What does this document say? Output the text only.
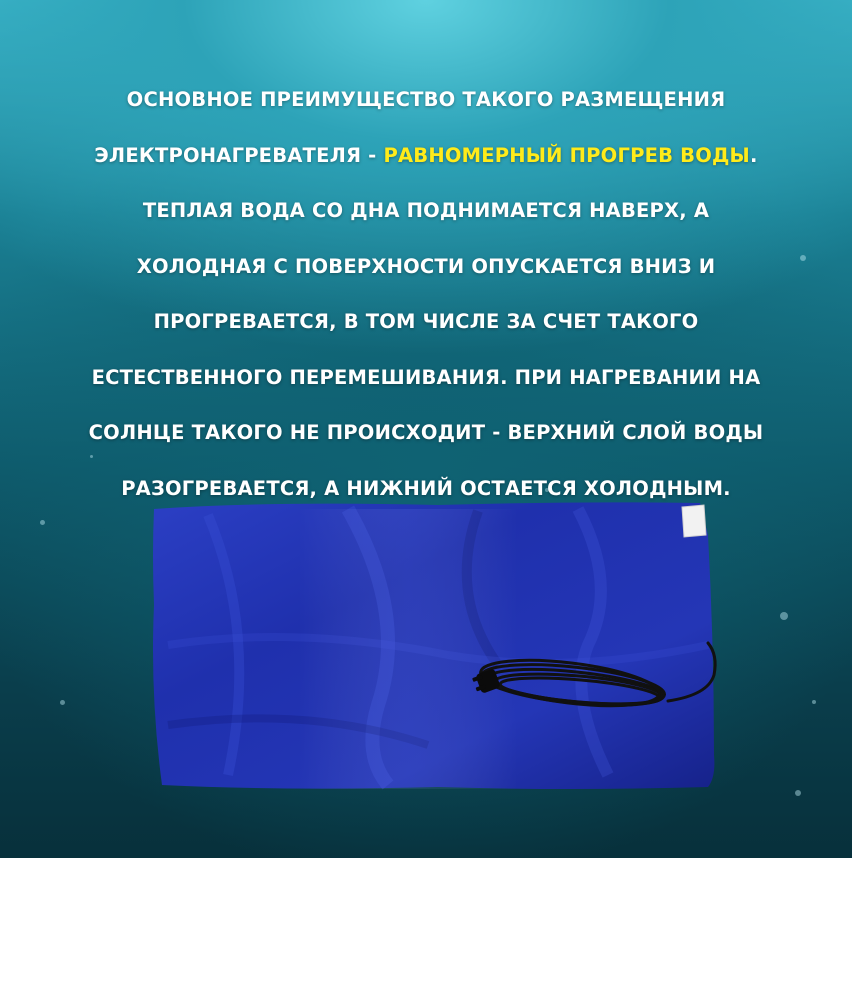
ОСНОВНОЕ ПРЕИМУЩЕСТВО ТАКОГО РАЗМЕЩЕНИЯ
ЭЛЕКТРОНАГРЕВАТЕЛЯ - РАВНОМЕРНЫЙ ПРОГРЕВ ВОДЫ.
ТЕПЛАЯ ВОДА СО ДНА ПОДНИМАЕТСЯ НАВЕРХ, А
ХОЛОДНАЯ С ПОВЕРХНОСТИ ОПУСКАЕТСЯ ВНИЗ И
ПРОГРЕВАЕТСЯ, В ТОМ ЧИСЛЕ ЗА СЧЕТ ТАКОГО
ЕСТЕСТВЕННОГО ПЕРЕМЕШИВАНИЯ. ПРИ НАГРЕВАНИИ НА
СОЛНЦЕ ТАКОГО НЕ ПРОИСХОДИТ - ВЕРХНИЙ СЛОЙ ВОДЫ
РАЗОГРЕВАЕТСЯ, А НИЖНИЙ ОСТАЕТСЯ ХОЛОДНЫМ.
